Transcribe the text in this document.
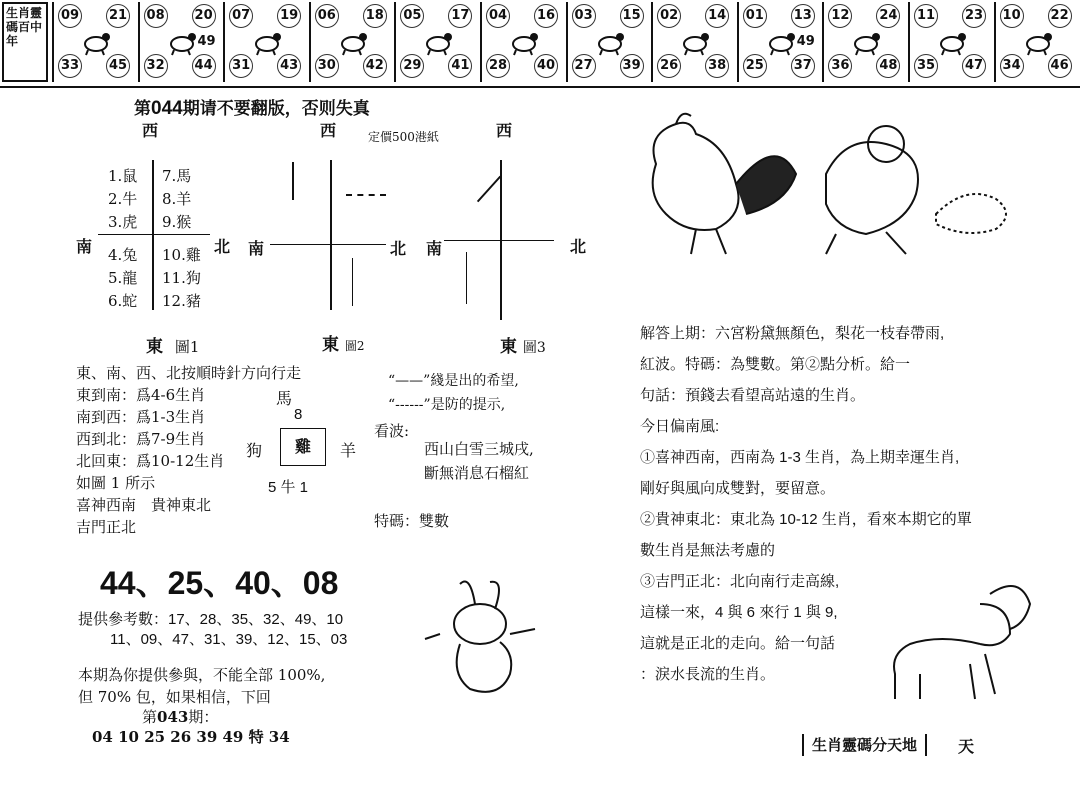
生肖靈碼百中年
09 21
33 45
08 20
32 44
49
07 19
31 43
06 18
30 42
05 17
29 41
04 16
28 40
03 15
27 39
02 14
26 38
01 13
25 37
49
12 24
36 48
11 23
35 47
10 22
34 46
第044期请不要翻版，否则失真
定價500港紙
西	西	西
1.鼠
2.牛
3.虎
4.兔
5.龍
6.蛇
7.馬
8.羊
9.猴
10.雞
11.狗
12.豬
南	北 南	北 南	北
東 圖1	東 圖2	東 圖3
東、南、西、北按順時針方向行走
東到南：爲4-6生肖
南到西：爲1-3生肖
西到北：爲7-9生肖
北回東：爲10-12生肖
如圖 1 所示
喜神西南　貴神東北
吉門正北
馬
8
狗	雞	羊
5 牛 1
“——”綫是出的希望,
“------”是防的提示,
看波:
西山白雪三城戌,
斷無消息石榴紅
特碼：雙數
44、25、40、08
提供參考數：17、28、35、32、49、10
11、09、47、31、39、12、15、03
本期為你提供參與，不能全部 100%,
但 70% 包，如果相信，下回
第043期：
04 10 25 26 39 49 特 34
解答上期：六宮粉黛無顏色，梨花一枝春帶雨,
紅波。特碼：為雙數。第②點分析。給一
句話：預錢去看望高站遠的生肖。
今日偏南風:
①喜神西南，西南為 1-3 生肖，為上期幸運生肖,
剛好與風向成雙對，要留意。
②貴神東北：東北為 10-12 生肖，看來本期它的單
數生肖是無法考慮的
③吉門正北：北向南行走高線,
這樣一來，4 與 6 來行 1 與 9,
這就是正北的走向。給一句話
：淚水長流的生肖。
生肖靈碼分天地	天
